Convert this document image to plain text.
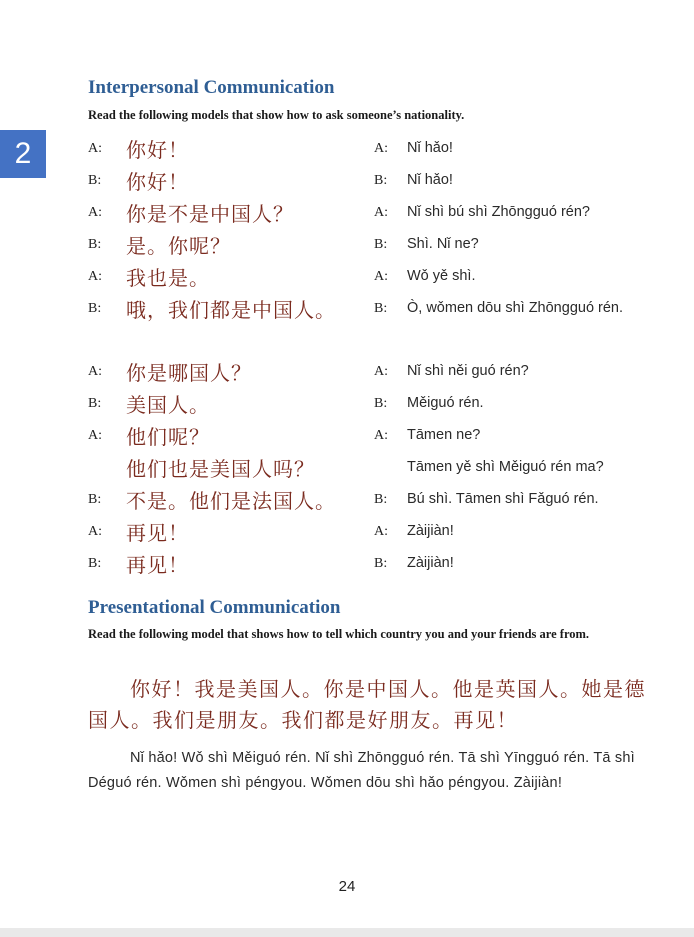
2
Interpersonal Communication
Read the following models that show how to ask someone’s nationality.
A: 你好！	A: Nǐ hǎo!
B: 你好！	B: Nǐ hǎo!
A: 你是不是中国人？	A: Nǐ shì bú shì Zhōngguó rén?
B: 是。你呢？	B: Shì. Nǐ ne?
A: 我也是。	A: Wǒ yě shì.
B: 哦，我们都是中国人。	B: Ò, wǒmen dōu shì Zhōngguó rén.
A: 你是哪国人？	A: Nǐ shì něi guó rén?
B: 美国人。	B: Měiguó rén.
A: 他们呢？	A: Tāmen ne?
他们也是美国人吗？	Tāmen yě shì Měiguó rén ma?
B: 不是。他们是法国人。	B: Bú shì. Tāmen shì Fǎguó rén.
A: 再见！	A: Zàijiàn!
B: 再见！	B: Zàijiàn!
Presentational Communication
Read the following model that shows how to tell which country you and your friends are from.
你好！我是美国人。你是中国人。他是英国人。她是德国人。我们是朋友。我们都是好朋友。再见！
Nǐ hǎo! Wǒ shì Měiguó rén. Nǐ shì Zhōngguó rén. Tā shì Yīngguó rén. Tā shì Déguó rén. Wǒmen shì péngyou. Wǒmen dōu shì hǎo péngyou. Zàijiàn!
24
